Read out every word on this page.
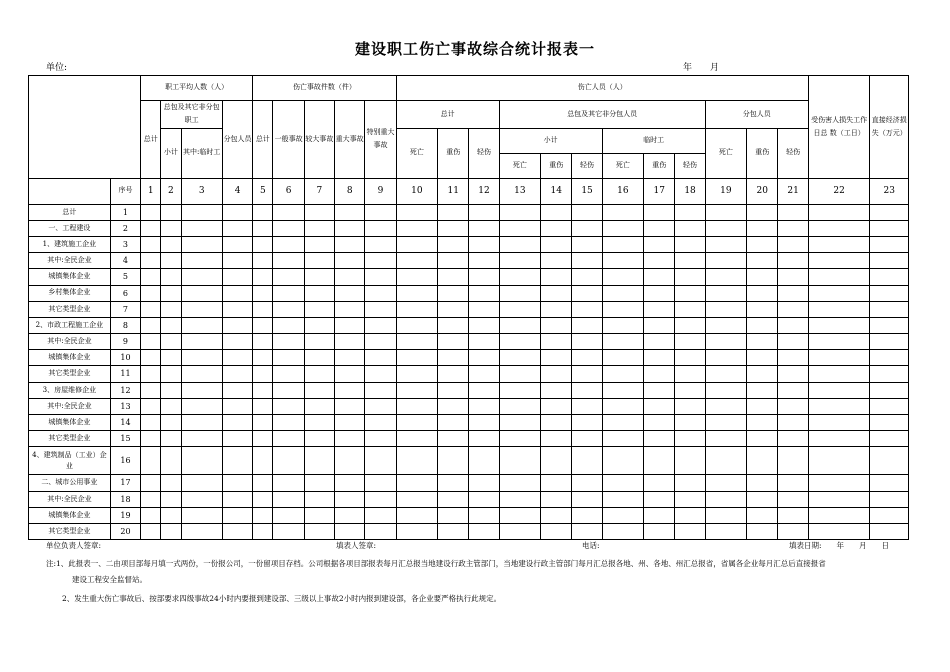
建设职工伤亡事故综合统计报表一
单位:	年　　月
		职工平均人数（人）				伤亡事故件数（件）					伤亡人员（人）												受伤害人损失工作日总 数（工日）	直接经济损失（万元）
		总计	总包及其它非分包职工		分包人员	总计	一般事故	较大事故	重大事故	特别重大事故	总计			总包及其它非分包人员						分包人员				
			小计	其中:临时工							死亡	重伤	轻伤	小计			临时工			死亡	重伤	轻伤		
														死亡	重伤	轻伤	死亡	重伤	轻伤					
	序号	1	2	3	4	5	6	7	8	9	10	11	12	13	14	15	16	17	18	19	20	21	22	23
总计	1																							
一、工程建设	2																							
1、建筑施工企业	3																							
其中:全民企业	4																							
城镇集体企业	5																							
乡村集体企业	6																							
其它类型企业	7																							
2、市政工程施工企业	8																							
其中:全民企业	9																							
城镇集体企业	10																							
其它类型企业	11																							
3、房屋维修企业	12																							
其中:全民企业	13																							
城镇集体企业	14																							
其它类型企业	15																							
4、建筑制品（工业）企业	16																							
二、城市公用事业	17																							
其中:全民企业	18																							
城镇集体企业	19																							
其它类型企业	20																							
单位负责人签章:	填表人签章:	电话:	填表日期:　　年　　月　　日
注:1、此报表一、二由项目部每月填一式两份，一份报公司，一份留项目存档。公司根据各项目部报表每月汇总报当地建设行政主管部门，当地建设行政主管部门每月汇总报各地、州、各地、州汇总报省，省属各企业每月汇总后直接报省
建设工程安全监督站。
2、发生重大伤亡事故后、按部要求四级事故24小时内要报到建设部、三级以上事故2小时内报到建设部，各企业要严格执行此规定。
